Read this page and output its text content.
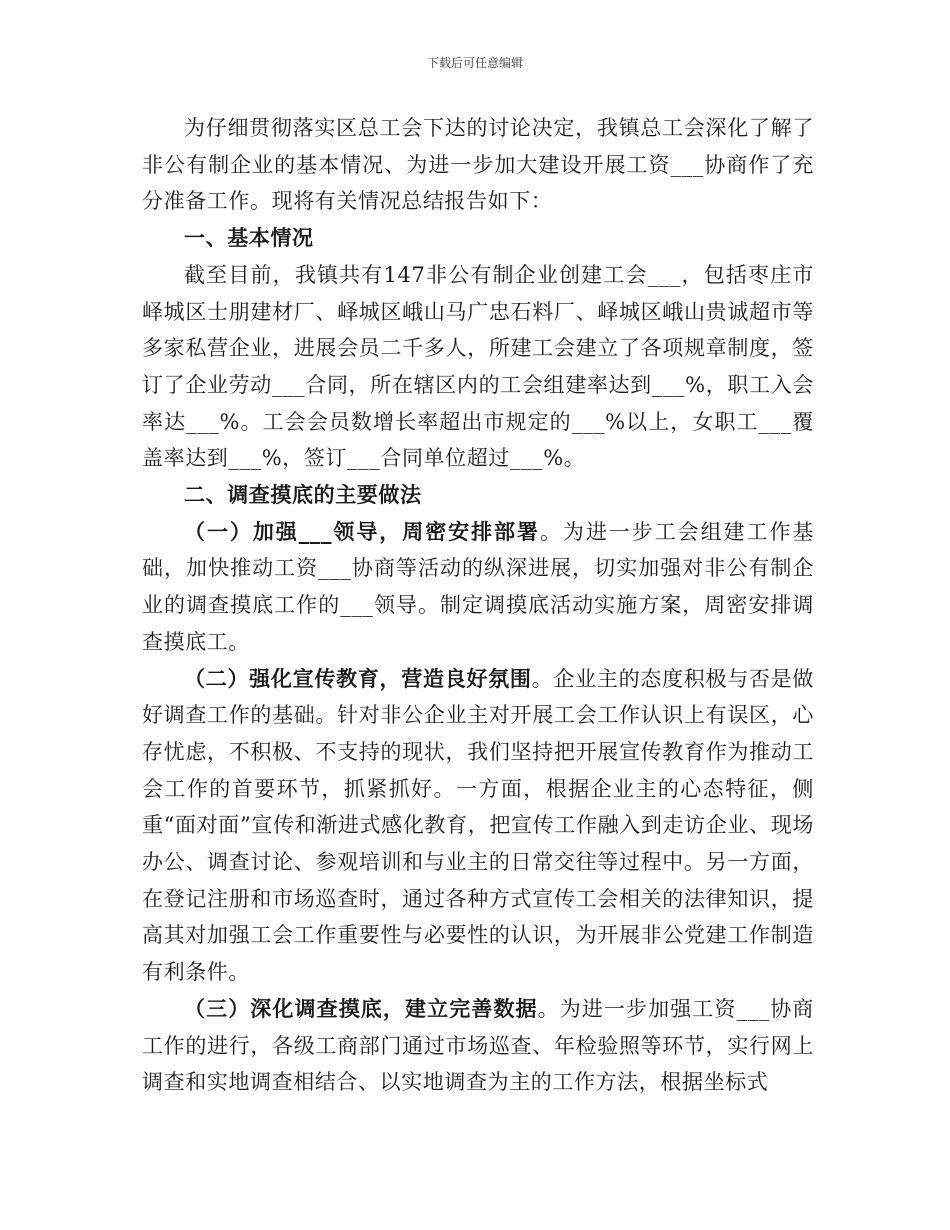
下载后可任意编辑

为仔细贯彻落实区总工会下达的讨论决定，我镇总工会深化了解了非公有制企业的基本情况、为进一步加大建设开展工资___协商作了充分准备工作。现将有关情况总结报告如下：

一、基本情况

截至目前，我镇共有147非公有制企业创建工会___，包括枣庄市峄城区士朋建材厂、峄城区峨山马广忠石料厂、峄城区峨山贵诚超市等多家私营企业，进展会员二千多人，所建工会建立了各项规章制度，签订了企业劳动___合同，所在辖区内的工会组建率达到___%，职工入会率达___%。工会会员数增长率超出市规定的___%以上，女职工___覆盖率达到___%，签订___合同单位超过___%。

二、调查摸底的主要做法

（一）加强___领导，周密安排部署。为进一步工会组建工作基础，加快推动工资___协商等活动的纵深进展，切实加强对非公有制企业的调查摸底工作的___领导。制定调摸底活动实施方案，周密安排调查摸底工。

（二）强化宣传教育，营造良好氛围。企业主的态度积极与否是做好调查工作的基础。针对非公企业主对开展工会工作认识上有误区，心存忧虑，不积极、不支持的现状，我们坚持把开展宣传教育作为推动工会工作的首要环节，抓紧抓好。一方面，根据企业主的心态特征，侧重“面对面”宣传和渐进式感化教育，把宣传工作融入到走访企业、现场办公、调查讨论、参观培训和与业主的日常交往等过程中。另一方面，在登记注册和市场巡查时，通过各种方式宣传工会相关的法律知识，提高其对加强工会工作重要性与必要性的认识，为开展非公党建工作制造有利条件。

（三）深化调查摸底，建立完善数据。为进一步加强工资___协商工作的进行，各级工商部门通过市场巡查、年检验照等环节，实行网上调查和实地调查相结合、以实地调查为主的工作方法，根据坐标式
